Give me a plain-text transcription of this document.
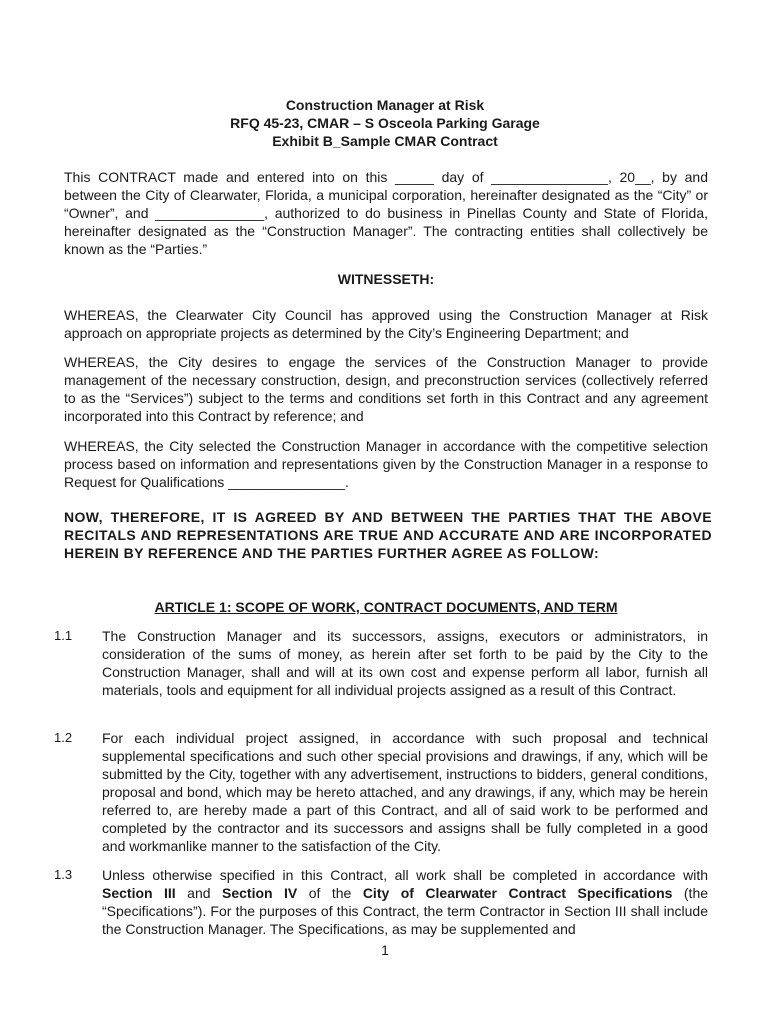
Construction Manager at Risk
RFQ 45-23, CMAR – S Osceola Parking Garage
Exhibit B_Sample CMAR Contract

This CONTRACT made and entered into on this _____ day of _______________, 20__, by and between the City of Clearwater, Florida, a municipal corporation, hereinafter designated as the “City” or “Owner”, and ______________, authorized to do business in Pinellas County and State of Florida, hereinafter designated as the “Construction Manager”. The contracting entities shall collectively be known as the “Parties.”

WITNESSETH:

WHEREAS, the Clearwater City Council has approved using the Construction Manager at Risk approach on appropriate projects as determined by the City’s Engineering Department; and

WHEREAS, the City desires to engage the services of the Construction Manager to provide management of the necessary construction, design, and preconstruction services (collectively referred to as the “Services”) subject to the terms and conditions set forth in this Contract and any agreement incorporated into this Contract by reference; and

WHEREAS, the City selected the Construction Manager in accordance with the competitive selection process based on information and representations given by the Construction Manager in a response to Request for Qualifications _______________.

NOW, THEREFORE, IT IS AGREED BY AND BETWEEN THE PARTIES THAT THE ABOVE RECITALS AND REPRESENTATIONS ARE TRUE AND ACCURATE AND ARE INCORPORATED HEREIN BY REFERENCE AND THE PARTIES FURTHER AGREE AS FOLLOW:

ARTICLE 1: SCOPE OF WORK, CONTRACT DOCUMENTS, AND TERM
1.1 The Construction Manager and its successors, assigns, executors or administrators, in consideration of the sums of money, as herein after set forth to be paid by the City to the Construction Manager, shall and will at its own cost and expense perform all labor, furnish all materials, tools and equipment for all individual projects assigned as a result of this Contract.

1.2 For each individual project assigned, in accordance with such proposal and technical supplemental specifications and such other special provisions and drawings, if any, which will be submitted by the City, together with any advertisement, instructions to bidders, general conditions, proposal and bond, which may be hereto attached, and any drawings, if any, which may be herein referred to, are hereby made a part of this Contract, and all of said work to be performed and completed by the contractor and its successors and assigns shall be fully completed in a good and workmanlike manner to the satisfaction of the City.

1.3 Unless otherwise specified in this Contract, all work shall be completed in accordance with Section III and Section IV of the City of Clearwater Contract Specifications (the “Specifications”). For the purposes of this Contract, the term Contractor in Section III shall include the Construction Manager. The Specifications, as may be supplemented and

1
